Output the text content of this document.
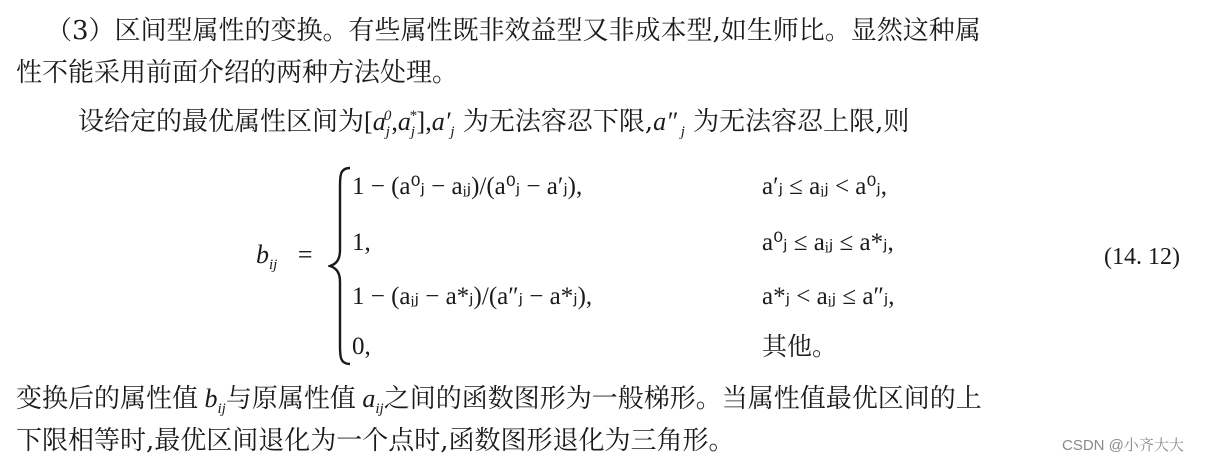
（3）区间型属性的变换。有些属性既非效益型又非成本型,如生师比。显然这种属
性不能采用前面介绍的两种方法处理。
设给定的最优属性区间为$[a_j^0,a_j^*],a'_j$ 为无法容忍下限,a″ $_j$ 为无法容忍上限,则
$b_{ij}$ =
1 − (a⁰ⱼ − aᵢⱼ)/(a⁰ⱼ − a′ⱼ),	a′ⱼ ≤ aᵢⱼ < a⁰ⱼ,
1,	a⁰ⱼ ≤ aᵢⱼ ≤ a*ⱼ,
1 − (aᵢⱼ − a*ⱼ)/(a″ⱼ − a*ⱼ),	a*ⱼ < aᵢⱼ ≤ a″ⱼ,
0,	其他。
(14. 12)
变换后的属性值 $b_{ij}$与原属性值 $a_{ij}$之间的函数图形为一般梯形。当属性值最优区间的上
下限相等时,最优区间退化为一个点时,函数图形退化为三角形。	CSDN @小齐大大
